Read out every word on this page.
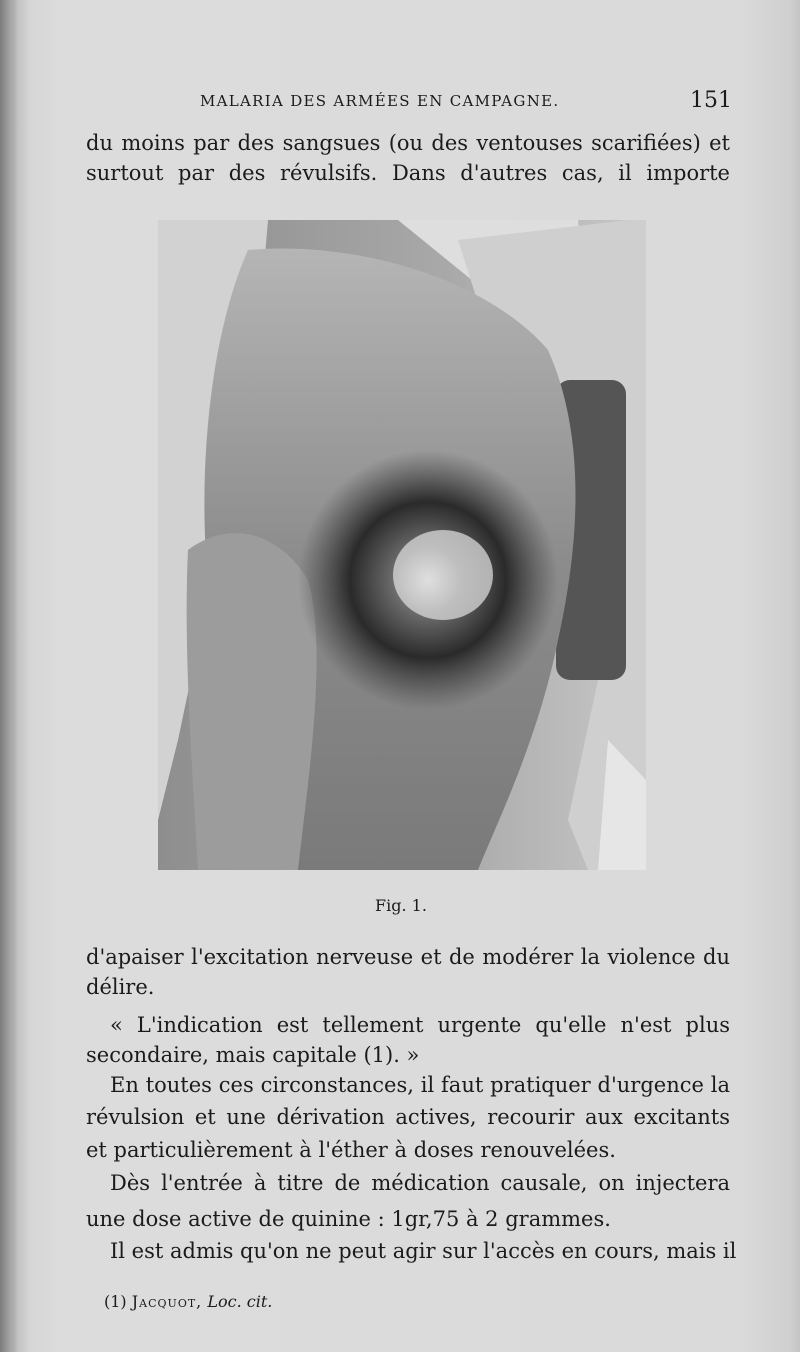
MALARIA DES ARMÉES EN CAMPAGNE.	151
du moins par des sangsues (ou des ventouses scarifiées) et
surtout par des révulsifs. Dans d'autres cas, il importe
Fig. 1.
d'apaiser l'excitation nerveuse et de modérer la violence du
délire.
« L'indication est tellement urgente qu'elle n'est plus
secondaire, mais capitale (1). »
En toutes ces circonstances, il faut pratiquer d'urgence la
révulsion et une dérivation actives, recourir aux excitants
et particulièrement à l'éther à doses renouvelées.
Dès l'entrée à titre de médication causale, on injectera
une dose active de quinine : 1gr,75 à 2 grammes.
Il est admis qu'on ne peut agir sur l'accès en cours, mais il
(1) Jacquot, Loc. cit.
